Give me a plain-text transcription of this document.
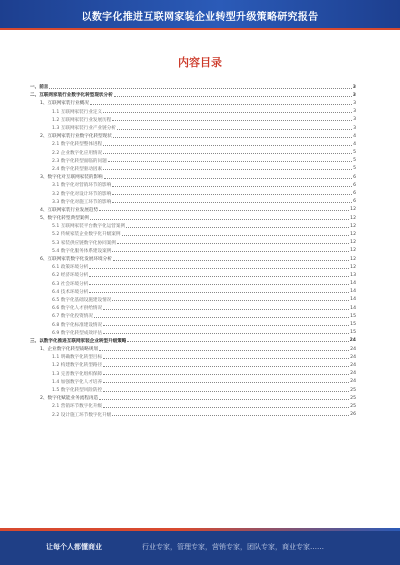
以数字化推进互联网家装企业转型升级策略研究报告
内容目录
一、前言	3
二、互联网家装行业数字化转型现状分析	3
1、互联网家装行业概况	3
1.1 互联网家装行业定义	3
1.2 互联网家装行业发展历程	3
1.3 互联网家装行业产业链分析	3
2、互联网家装行业数字化转型现状	4
2.1 数字化转型整体进程	4
2.2 企业数字化应用情况	5
2.3 数字化转型面临的问题	5
2.4 数字化转型驱动因素	5
3、数字化对互联网家装的影响	6
3.1 数字化对营销环节的影响	6
3.2 数字化对设计环节的影响	6
3.3 数字化对施工环节的影响	6
4、互联网家装行业发展趋势	12
5、数字化转型典型案例	12
5.1 互联网家装平台数字化运营案例	12
5.2 传统家装企业数字化升级案例	12
5.3 家装供应链数字化协同案例	12
5.4 数字化服务体系建设案例	12
6、互联网家装数字化发展环境分析	12
6.1 政策环境分析	12
6.2 经济环境分析	13
6.3 社会环境分析	14
6.4 技术环境分析	14
6.5 数字化基础设施建设情况	14
6.6 数字化人才供给情况	14
6.7 数字化投资情况	15
6.8 数字化标准建设情况	15
6.9 数字化转型成效评估	15
三、以数字化推进互联网家装企业转型升级策略	24
1、企业数字化转型战略规划	24
1.1 明确数字化转型目标	24
1.2 构建数字化转型路径	24
1.3 完善数字化组织保障	24
1.4 加强数字化人才培养	24
1.5 数字化转型风险防控	25
2、数字化赋能业务流程再造	25
2.1 营销环节数字化升级	25
2.2 设计施工环节数字化升级	26
让每个人都懂商业	行业专家，管理专家，营销专家，团队专家，商业专家……
